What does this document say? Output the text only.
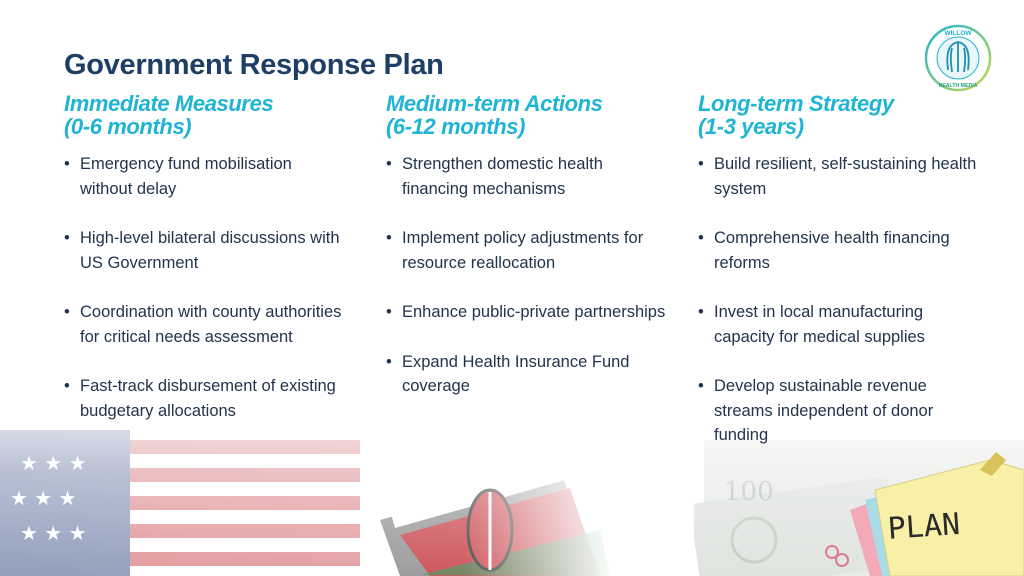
Government Response Plan
WILLOW
HEALTH MEDIA
Immediate Measures
(0-6 months)
• Emergency fund mobilisation without delay
• High-level bilateral discussions with US Government
• Coordination with county authorities for critical needs assessment
• Fast-track disbursement of existing budgetary allocations
Medium-term Actions
(6-12 months)
• Strengthen domestic health financing mechanisms
• Implement policy adjustments for resource reallocation
• Enhance public-private partnerships
• Expand Health Insurance Fund coverage
Long-term Strategy
(1-3 years)
• Build resilient, self-sustaining health system
• Comprehensive health financing reforms
• Invest in local manufacturing capacity for medical supplies
• Develop sustainable revenue streams independent of donor funding
PLAN
